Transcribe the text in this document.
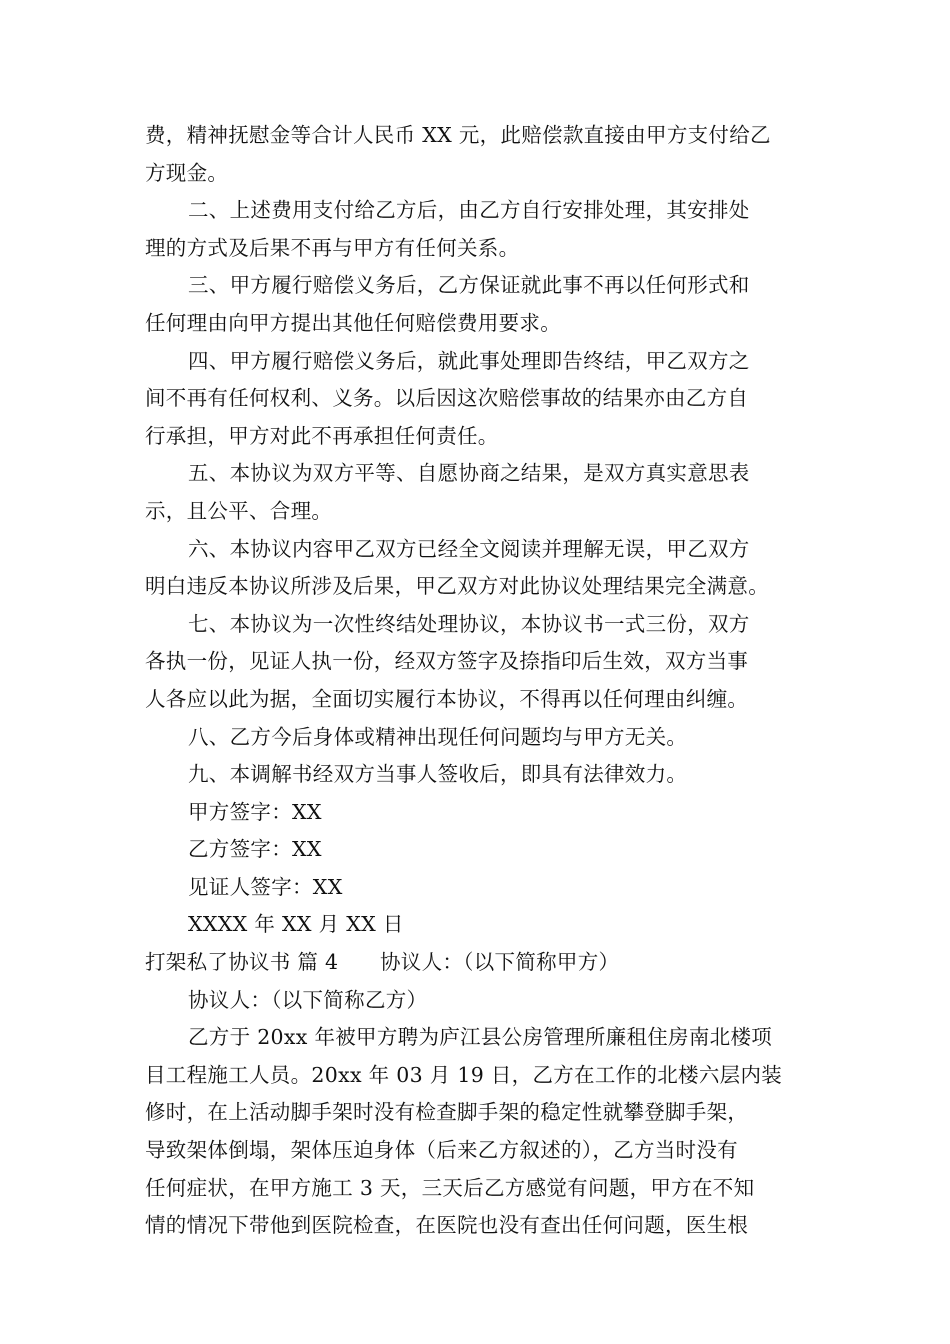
费，精神抚慰金等合计人民币 XX 元，此赔偿款直接由甲方支付给乙
方现金。
二、上述费用支付给乙方后，由乙方自行安排处理，其安排处
理的方式及后果不再与甲方有任何关系。
三、甲方履行赔偿义务后，乙方保证就此事不再以任何形式和
任何理由向甲方提出其他任何赔偿费用要求。
四、甲方履行赔偿义务后，就此事处理即告终结，甲乙双方之
间不再有任何权利、义务。以后因这次赔偿事故的结果亦由乙方自
行承担，甲方对此不再承担任何责任。
五、本协议为双方平等、自愿协商之结果，是双方真实意思表
示，且公平、合理。
六、本协议内容甲乙双方已经全文阅读并理解无误，甲乙双方
明白违反本协议所涉及后果，甲乙双方对此协议处理结果完全满意。
七、本协议为一次性终结处理协议，本协议书一式三份，双方
各执一份，见证人执一份，经双方签字及捺指印后生效，双方当事
人各应以此为据，全面切实履行本协议，不得再以任何理由纠缠。
八、乙方今后身体或精神出现任何问题均与甲方无关。
九、本调解书经双方当事人签收后，即具有法律效力。
甲方签字：XX
乙方签字：XX
见证人签字：XX
XXXX 年 XX 月 XX 日
打架私了协议书 篇 4　　协议人：（以下简称甲方）
协议人：（以下简称乙方）
乙方于 20xx 年被甲方聘为庐江县公房管理所廉租住房南北楼项
目工程施工人员。20xx 年 03 月 19 日，乙方在工作的北楼六层内装
修时，在上活动脚手架时没有检查脚手架的稳定性就攀登脚手架，
导致架体倒塌，架体压迫身体（后来乙方叙述的），乙方当时没有
任何症状，在甲方施工 3 天，三天后乙方感觉有问题，甲方在不知
情的情况下带他到医院检查，在医院也没有查出任何问题，医生根
